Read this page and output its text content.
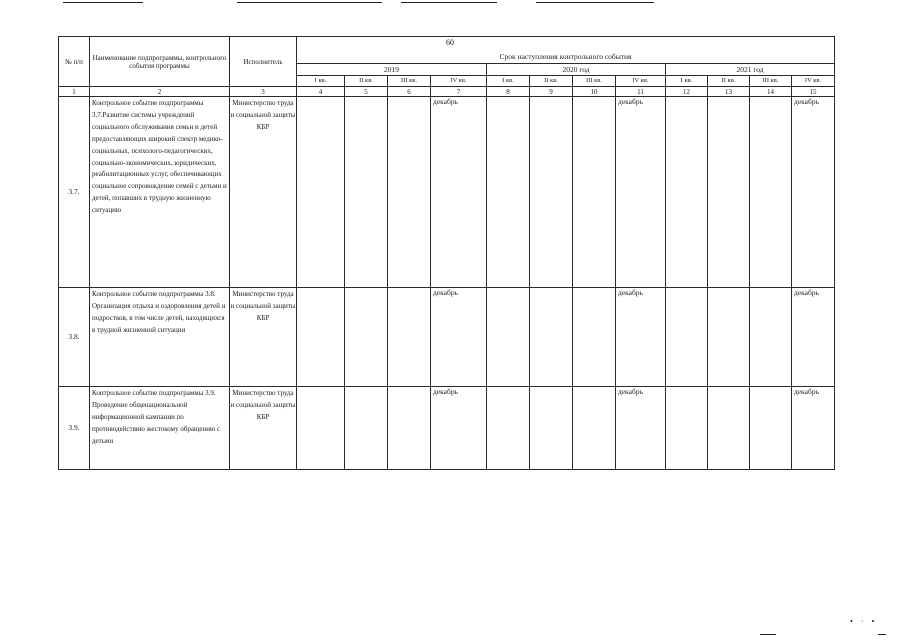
№ п/п	Наименование подпрограммы, контрольного события программы	Исполнитель	Срок наступления контрольного события											
			2019				2020 год				2021 год			
			I кв.	II кв.	III кв.	IV кв.	I кв.	II кв.	III кв.	IV кв.	I кв.	II кв.	III кв.	IV кв.
1	2	3	4	5	6	7	8	9	10	11	12	13	14	15
3.7.	Контрольное событие подпрограммы 3.7.Развитие системы учреждений социального обслуживания семьи и детей предоставляющих широкий спектр медико-социальных, психолого-педагогических, социально-экономических, юридических, реабилитационных услуг, обеспечивающих социальное сопровождение семей с детьми и детей, попавших в трудную жизненную ситуацию	Министерство труда и социальной защиты КБР				декабрь				декабрь				декабрь
3.8.	Контрольное событие подпрограммы 3.8. Организация отдыха и оздоровления детей и подростков, в том числе детей, находящихся в трудной жизненной ситуации	Министерство труда и социальной защиты КБР				декабрь				декабрь				декабрь
3.9.	Контрольное событие подпрограммы 3.9. Проведение общенациональной информационной кампании по противодействию жестокому обращению с детьми	Министерство труда и социальной защиты КБР				декабрь				декабрь				декабрь
60
•·•
